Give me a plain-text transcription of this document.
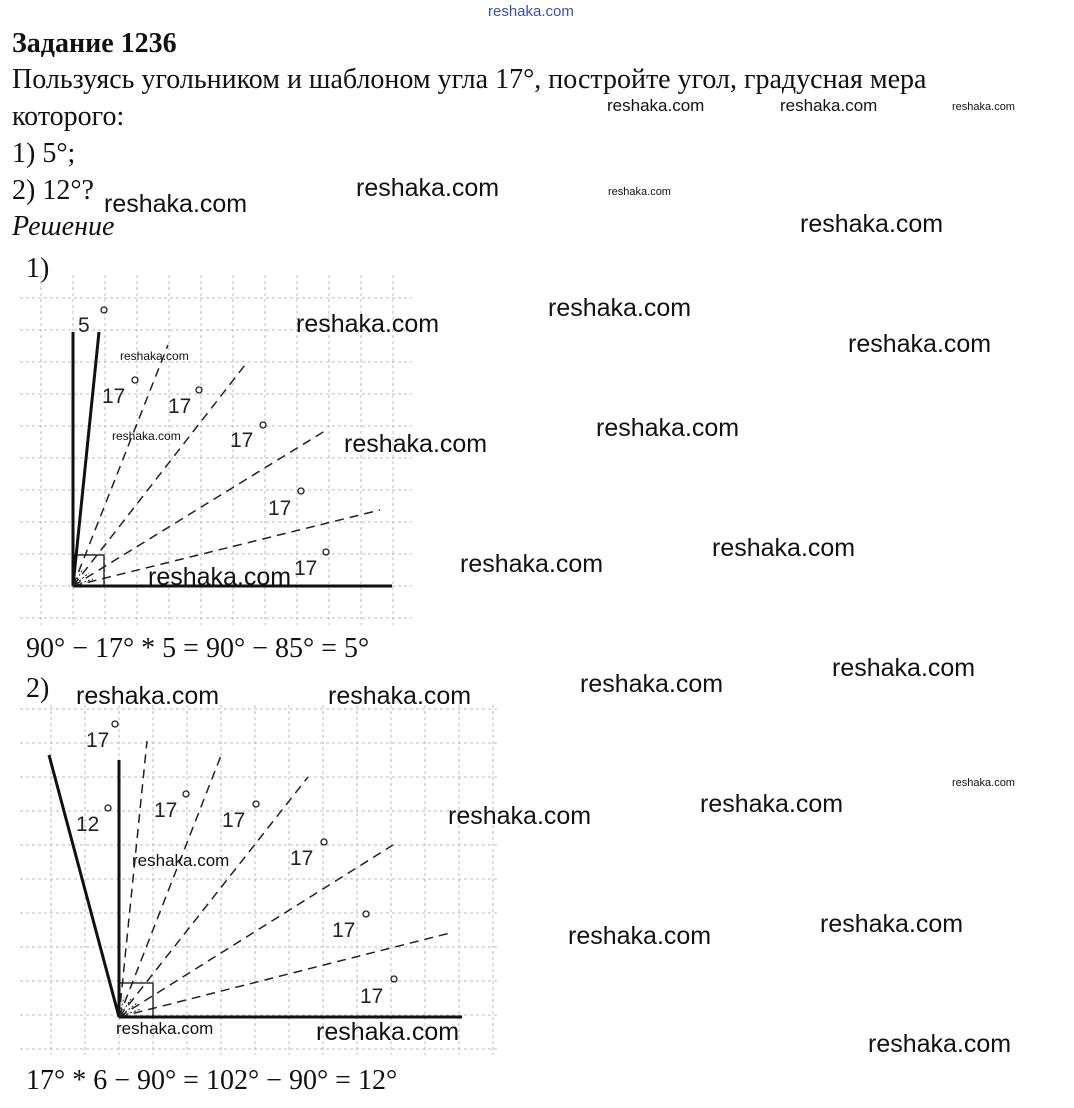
reshaka.com
Задание 1236
Пользуясь угольником и шаблоном угла 17°, постройте угол, градусная мера
которого:
1) 5°;
2) 12°?
Решение
1)
5
17 17
17
17
17
90° − 17° * 5 = 90° − 85° = 5°
2)
17
12
17 17
17
17
17
17° * 6 − 90° = 102° − 90° = 12°
reshaka.com	reshaka.com	reshaka.com
reshaka.com	reshaka.com
reshaka.com
reshaka.com
reshaka.com
reshaka.com
reshaka.com
reshaka.com
reshaka.com	reshaka.com
reshaka.com
reshaka.com
reshaka.com
reshaka.com
reshaka.com
reshaka.com
reshaka.com	reshaka.com
reshaka.com
reshaka.com
reshaka.com
reshaka.com
reshaka.com
reshaka.com
reshaka.com	reshaka.com	reshaka.com
